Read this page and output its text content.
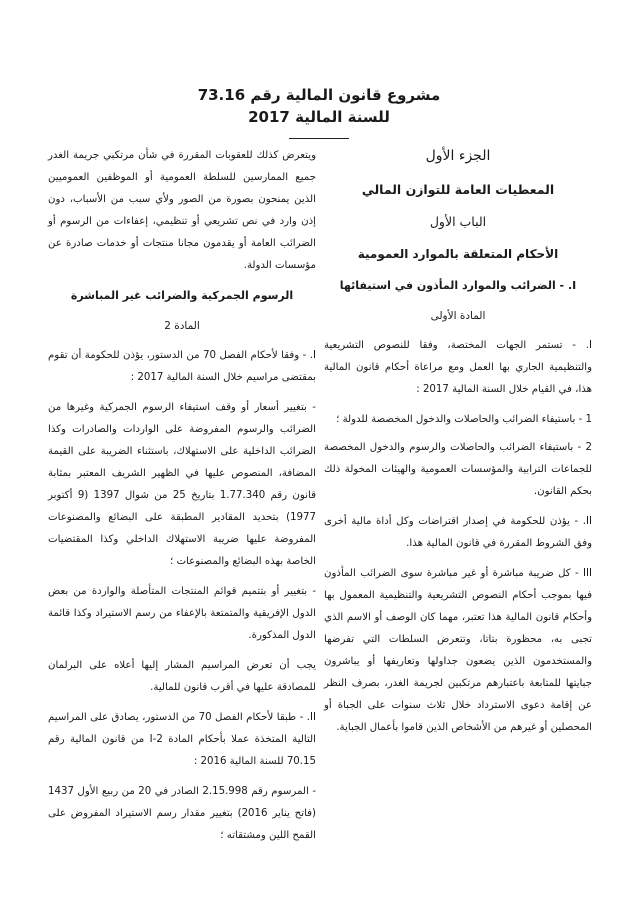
مشروع قانون المالية رقم 73.16

للسنة المالية 2017

الجزء الأول

المعطيات العامة للتوازن المالي

الباب الأول

الأحكام المتعلقة بالموارد العمومية

I. - الضرائب والموارد المأذون في استيفائها

المادة الأولى

I. - تستمر الجهات المختصة، وفقا للنصوص التشريعية والتنظيمية الجاري بها العمل ومع مراعاة أحكام قانون المالية هذا، في القيام خلال السنة المالية 2017 :

1 - باستيفاء الضرائب والحاصلات والدخول المخصصة للدولة ؛

2 - باستيفاء الضرائب والحاصلات والرسوم والدخول المخصصة للجماعات الترابية والمؤسسات العمومية والهيئات المخولة ذلك بحكم القانون.

II. - يؤذن للحكومة في إصدار اقتراضات وكل أداة مالية أخرى وفق الشروط المقررة في قانون المالية هذا.

III - كل ضريبة مباشرة أو غير مباشرة سوى الضرائب المأذون فيها بموجب أحكام النصوص التشريعية والتنظيمية المعمول بها وأحكام قانون المالية هذا تعتبر، مهما كان الوصف أو الاسم الذي تجبى به، محظورة بتاتا، وتتعرض السلطات التي تفرضها والمستخدمون الذين يضعون جداولها وتعاريفها أو يباشرون جبايتها للمتابعة باعتبارهم مرتكبين لجريمة الغدر، بصرف النظر عن إقامة دعوى الاسترداد خلال ثلاث سنوات على الجباة أو المحصلين أو غيرهم من الأشخاص الذين قاموا بأعمال الجباية.

ويتعرض كذلك للعقوبات المقررة في شأن مرتكبي جريمة الغدر جميع الممارسين للسلطة العمومية أو الموظفين العموميين الذين يمنحون بصورة من الصور ولأي سبب من الأسباب، دون إذن وارد في نص تشريعي أو تنظيمي، إعفاءات من الرسوم أو الضرائب العامة أو يقدمون مجانا منتجات أو خدمات صادرة عن مؤسسات الدولة.

الرسوم الجمركية والضرائب غير المباشرة

المادة 2

I. - وفقا لأحكام الفصل 70 من الدستور، يؤذن للحكومة أن تقوم بمقتضى مراسيم خلال السنة المالية 2017 :

- بتغيير أسعار أو وقف استيفاء الرسوم الجمركية وغيرها من الضرائب والرسوم المفروضة على الواردات والصادرات وكذا الضرائب الداخلية على الاستهلاك، باستثناء الضريبة على القيمة المضافة، المنصوص عليها في الظهير الشريف المعتبر بمثابة قانون رقم 1.77.340 بتاريخ 25 من شوال 1397 (9 أكتوبر 1977) بتحديد المقادير المطبقة على البضائع والمصنوعات المفروضة عليها ضريبة الاستهلاك الداخلي وكذا المقتضيات الخاصة بهذه البضائع والمصنوعات ؛

- بتغيير أو بتتميم قوائم المنتجات المتأصلة والواردة من بعض الدول الإفريقية والمتمتعة بالإعفاء من رسم الاستيراد وكذا قائمة الدول المذكورة.

يجب أن تعرض المراسيم المشار إليها أعلاه على البرلمان للمصادقة عليها في أقرب قانون للمالية.

II. - طبقا لأحكام الفصل 70 من الدستور، يصادق على المراسيم التالية المتخذة عملا بأحكام المادة 2-I من قانون المالية رقم 70.15 للسنة المالية 2016 :

- المرسوم رقم 2.15.998 الصادر في 20 من ربيع الأول 1437 (فاتح يناير 2016) بتغيير مقدار رسم الاستيراد المفروض على القمح اللين ومشتقاته ؛
